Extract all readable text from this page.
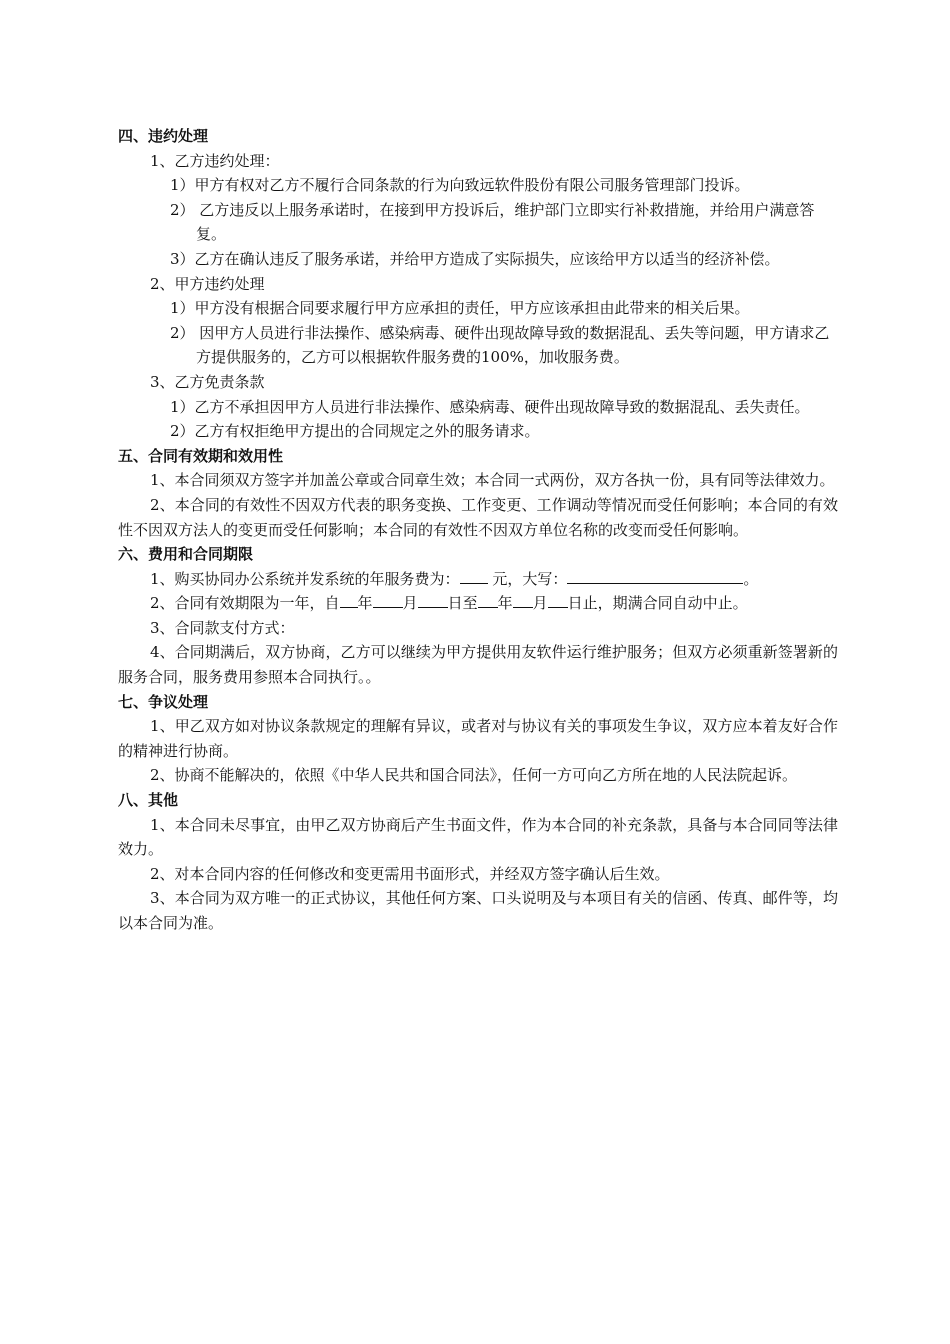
四、违约处理

1、乙方违约处理：

1）甲方有权对乙方不履行合同条款的行为向致远软件股份有限公司服务管理部门投诉。

2） 乙方违反以上服务承诺时，在接到甲方投诉后，维护部门立即实行补救措施，并给用户满意答复。

3）乙方在确认违反了服务承诺，并给甲方造成了实际损失，应该给甲方以适当的经济补偿。

2、甲方违约处理

1）甲方没有根据合同要求履行甲方应承担的责任，甲方应该承担由此带来的相关后果。

2） 因甲方人员进行非法操作、感染病毒、硬件出现故障导致的数据混乱、丢失等问题，甲方请求乙方提供服务的，乙方可以根据软件服务费的100%，加收服务费。

3、乙方免责条款

1）乙方不承担因甲方人员进行非法操作、感染病毒、硬件出现故障导致的数据混乱、丢失责任。

2）乙方有权拒绝甲方提出的合同规定之外的服务请求。

五、合同有效期和效用性

1、本合同须双方签字并加盖公章或合同章生效；本合同一式两份，双方各执一份，具有同等法律效力。

2、本合同的有效性不因双方代表的职务变换、工作变更、工作调动等情况而受任何影响；本合同的有效性不因双方法人的变更而受任何影响；本合同的有效性不因双方单位名称的改变而受任何影响。

六、费用和合同期限

1、购买协同办公系统并发系统的年服务费为： 元，大写：	。

2、合同有效期限为一年，自 年 月 日至 年 月 日止，期满合同自动中止。

3、合同款支付方式：

4、合同期满后，双方协商，乙方可以继续为甲方提供用友软件运行维护服务；但双方必须重新签署新的服务合同，服务费用参照本合同执行。。

七、争议处理

1、甲乙双方如对协议条款规定的理解有异议，或者对与协议有关的事项发生争议，双方应本着友好合作的精神进行协商。

2、协商不能解决的，依照《中华人民共和国合同法》，任何一方可向乙方所在地的人民法院起诉。

八、其他

1、本合同未尽事宜，由甲乙双方协商后产生书面文件，作为本合同的补充条款，具备与本合同同等法律效力。

2、对本合同内容的任何修改和变更需用书面形式，并经双方签字确认后生效。

3、本合同为双方唯一的正式协议，其他任何方案、口头说明及与本项目有关的信函、传真、邮件等，均以本合同为准。
